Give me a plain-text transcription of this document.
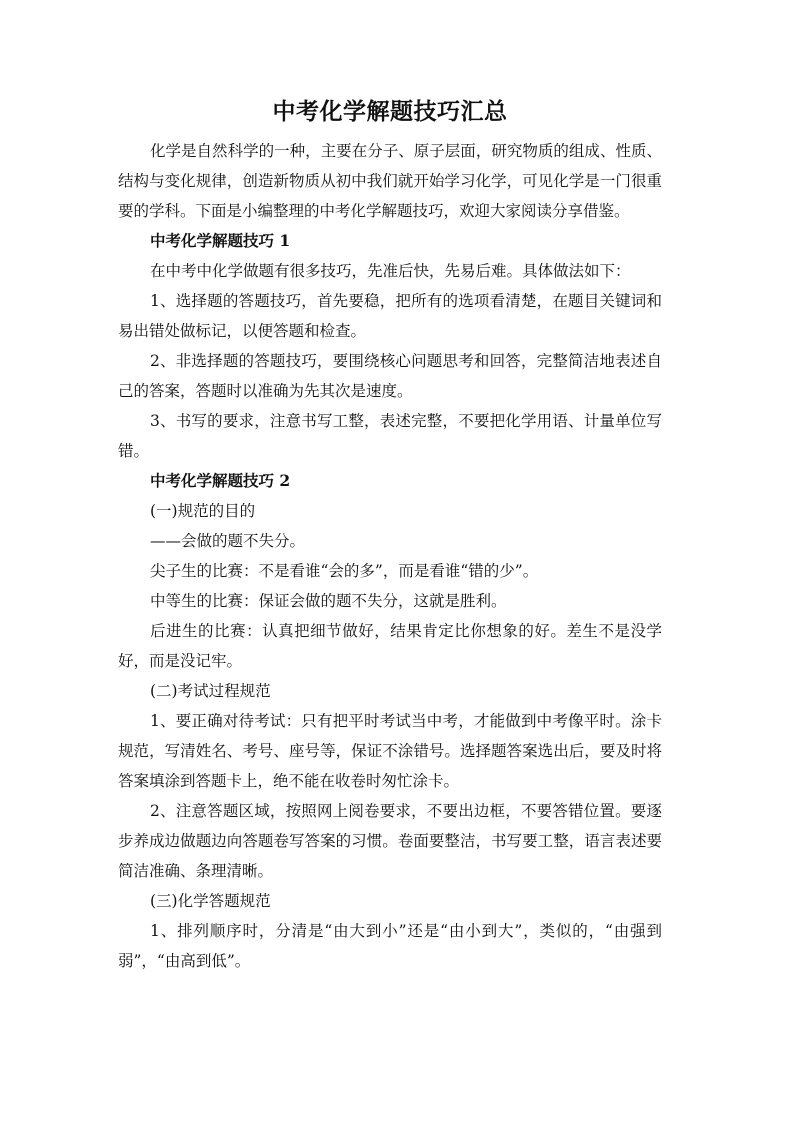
中考化学解题技巧汇总

化学是自然科学的一种，主要在分子、原子层面，研究物质的组成、性质、结构与变化规律，创造新物质从初中我们就开始学习化学，可见化学是一门很重要的学科。下面是小编整理的中考化学解题技巧，欢迎大家阅读分享借鉴。

中考化学解题技巧 1

在中考中化学做题有很多技巧，先准后快，先易后难。具体做法如下：

1、选择题的答题技巧，首先要稳，把所有的选项看清楚，在题目关键词和易出错处做标记，以便答题和检查。

2、非选择题的答题技巧，要围绕核心问题思考和回答，完整简洁地表述自己的答案，答题时以准确为先其次是速度。

3、书写的要求，注意书写工整，表述完整，不要把化学用语、计量单位写错。

中考化学解题技巧 2

(一)规范的目的

——会做的题不失分。

尖子生的比赛：不是看谁“会的多”，而是看谁“错的少”。

中等生的比赛：保证会做的题不失分，这就是胜利。

后进生的比赛：认真把细节做好，结果肯定比你想象的好。差生不是没学好，而是没记牢。

(二)考试过程规范

1、要正确对待考试：只有把平时考试当中考，才能做到中考像平时。涂卡规范，写清姓名、考号、座号等，保证不涂错号。选择题答案选出后，要及时将答案填涂到答题卡上，绝不能在收卷时匆忙涂卡。

2、注意答题区域，按照网上阅卷要求，不要出边框，不要答错位置。要逐步养成边做题边向答题卷写答案的习惯。卷面要整洁，书写要工整，语言表述要简洁准确、条理清晰。

(三)化学答题规范

1、排列顺序时，分清是“由大到小”还是“由小到大”，类似的，“由强到弱”，“由高到低”。
